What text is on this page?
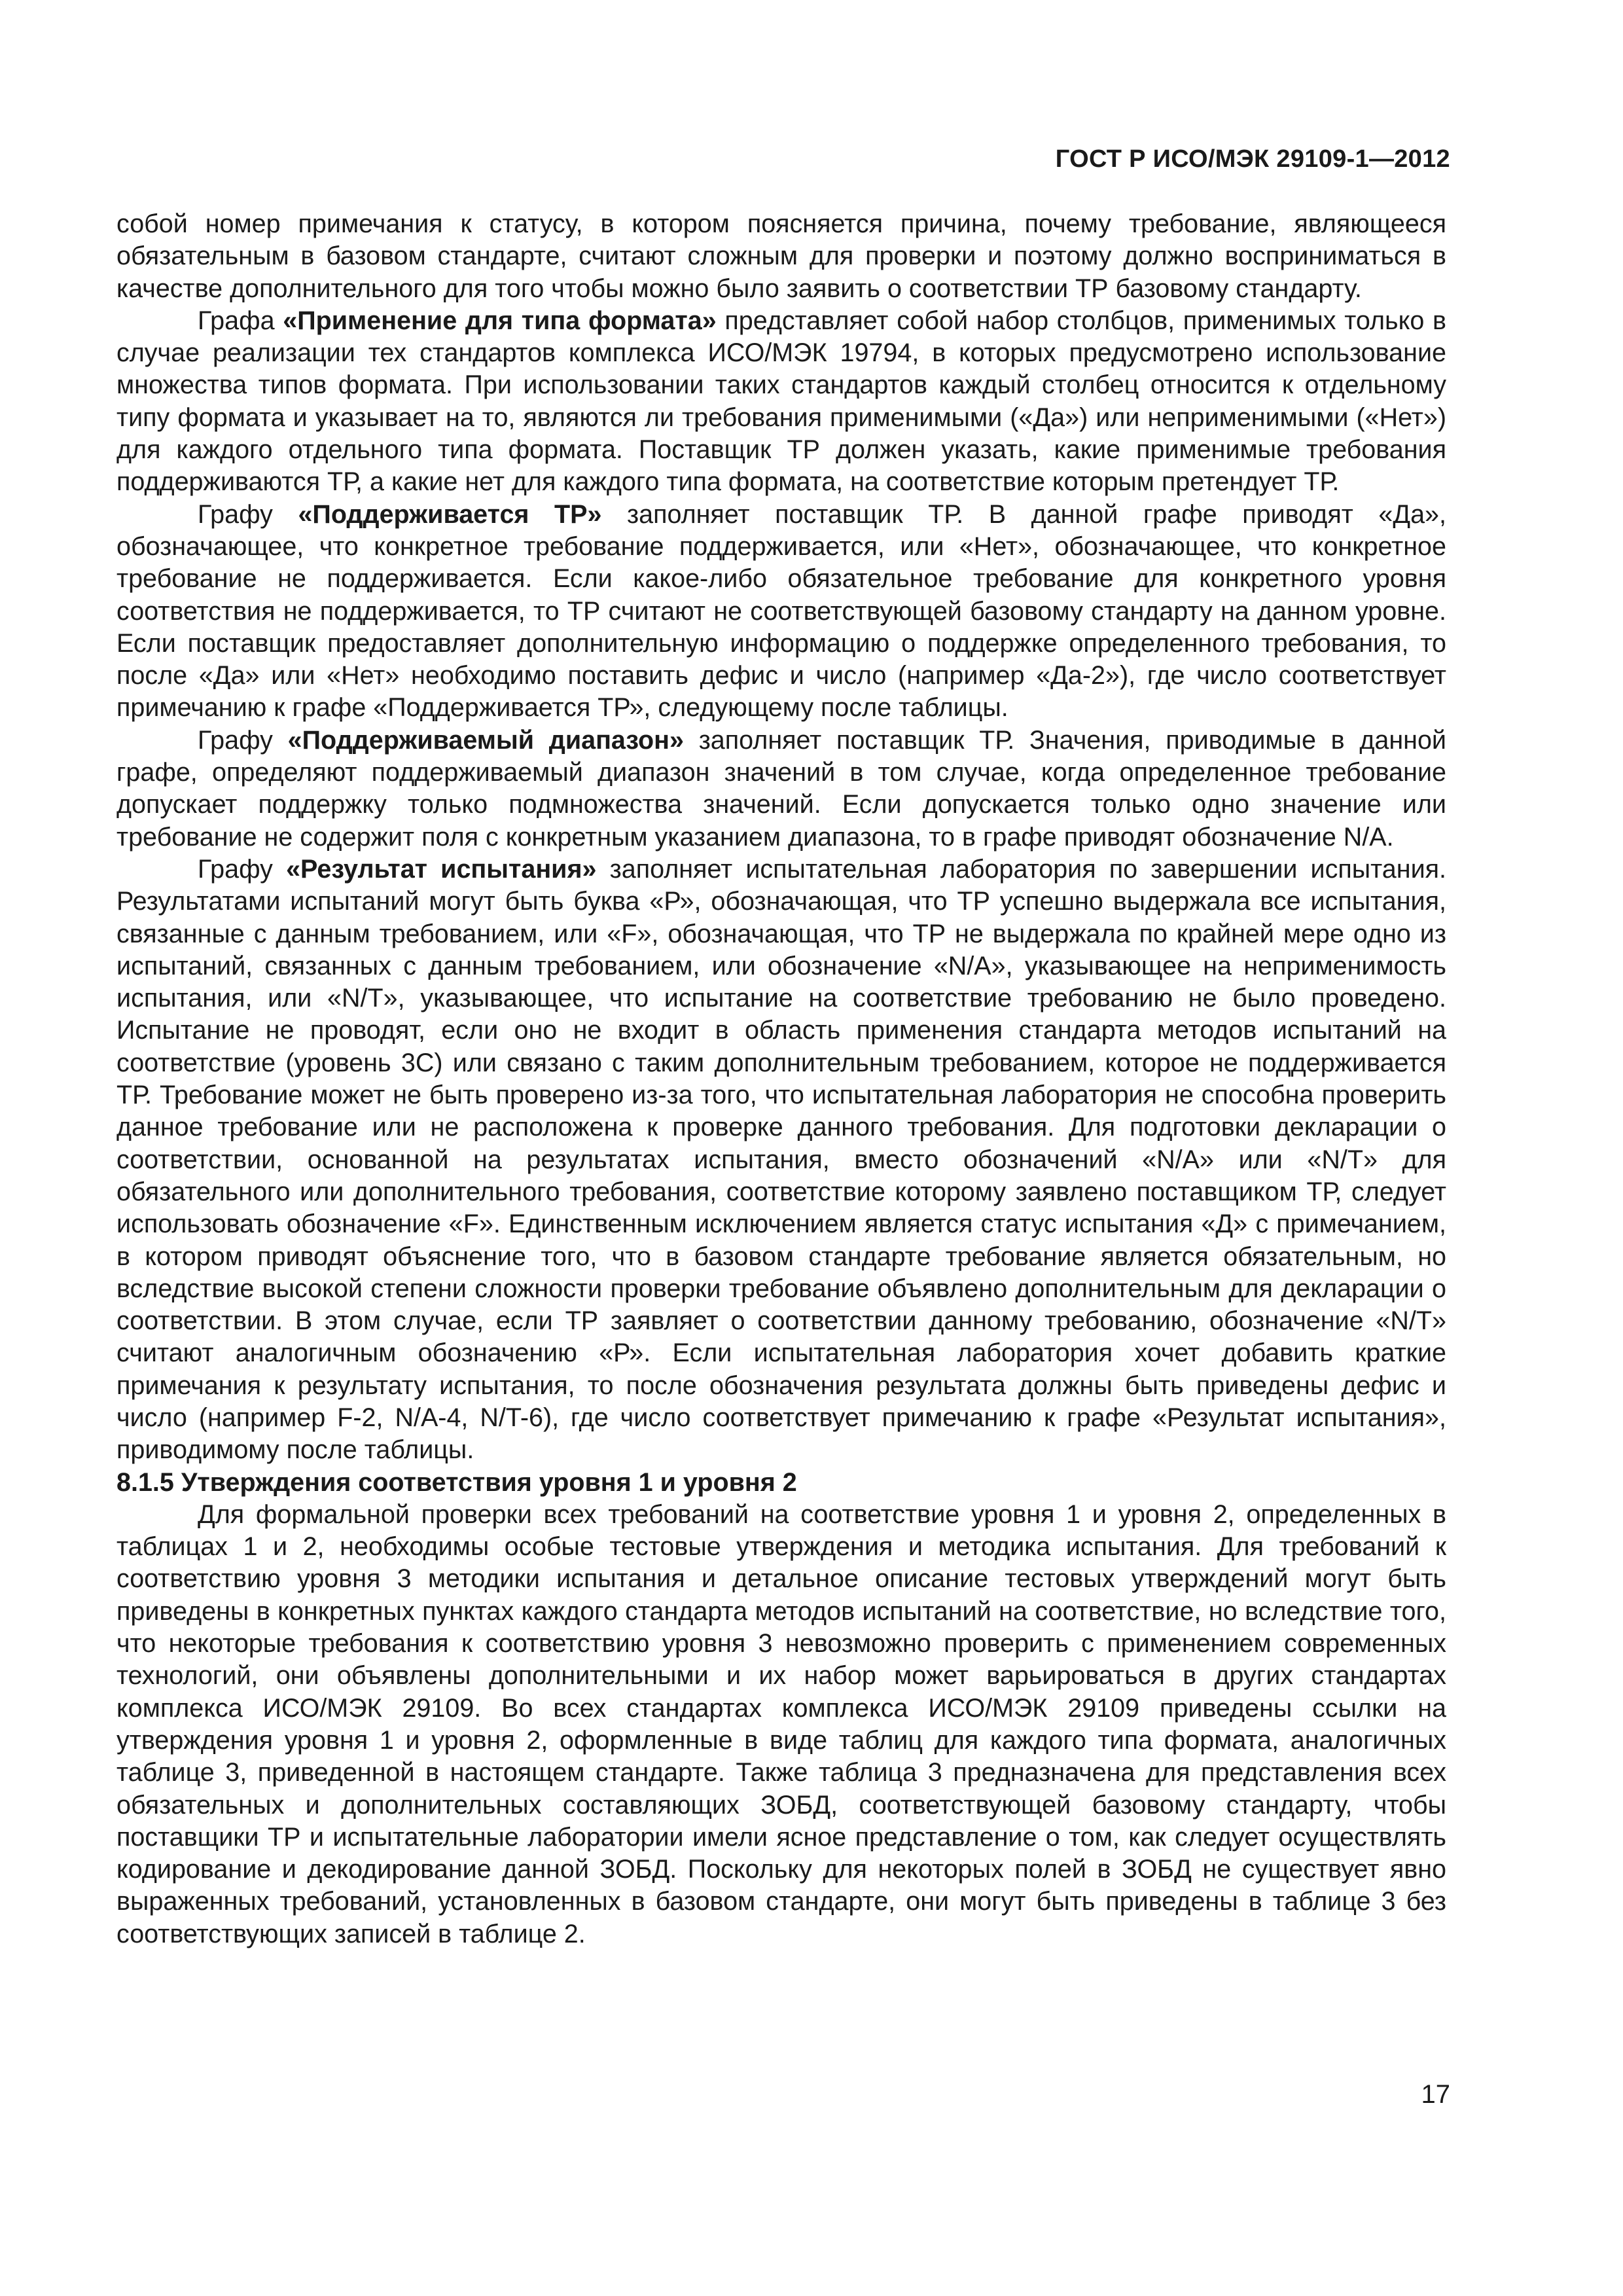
ГОСТ Р ИСО/МЭК 29109-1—2012

собой номер примечания к статусу, в котором поясняется причина, почему требование, являющееся обязательным в базовом стандарте, считают сложным для проверки и поэтому должно восприниматься в качестве дополнительного для того чтобы можно было заявить о соответствии ТР базовому стандарту.

Графа «Применение для типа формата» представляет собой набор столбцов, применимых только в случае реализации тех стандартов комплекса ИСО/МЭК 19794, в которых предусмотрено использование множества типов формата. При использовании таких стандартов каждый столбец относится к отдельному типу формата и указывает на то, являются ли требования применимыми («Да») или неприменимыми («Нет») для каждого отдельного типа формата. Поставщик ТР должен указать, какие применимые требования поддерживаются ТР, а какие нет для каждого типа формата, на соответствие которым претендует ТР.

Графу «Поддерживается ТР» заполняет поставщик ТР. В данной графе приводят «Да», обозначающее, что конкретное требование поддерживается, или «Нет», обозначающее, что конкретное требование не поддерживается. Если какое-либо обязательное требование для конкретного уровня соответствия не поддерживается, то ТР считают не соответствующей базовому стандарту на данном уровне. Если поставщик предоставляет дополнительную информацию о поддержке определенного требования, то после «Да» или «Нет» необходимо поставить дефис и число (например «Да-2»), где число соответствует примечанию к графе «Поддерживается ТР», следующему после таблицы.

Графу «Поддерживаемый диапазон» заполняет поставщик ТР. Значения, приводимые в данной графе, определяют поддерживаемый диапазон значений в том случае, когда определенное требование допускает поддержку только подмножества значений. Если допускается только одно значение или требование не содержит поля с конкретным указанием диапазона, то в графе приводят обозначение N/A.

Графу «Результат испытания» заполняет испытательная лаборатория по завершении испытания. Результатами испытаний могут быть буква «Р», обозначающая, что ТР успешно выдержала все испытания, связанные с данным требованием, или «F», обозначающая, что ТР не выдержала по крайней мере одно из испытаний, связанных с данным требованием, или обозначение «N/A», указывающее на неприменимость испытания, или «N/T», указывающее, что испытание на соответствие требованию не было проведено. Испытание не проводят, если оно не входит в область применения стандарта методов испытаний на соответствие (уровень 3С) или связано с таким дополнительным требованием, которое не поддерживается ТР. Требование может не быть проверено из-за того, что испытательная лаборатория не способна проверить данное требование или не расположена к проверке данного требования. Для подготовки декларации о соответствии, основанной на результатах испытания, вместо обозначений «N/A» или «N/T» для обязательного или дополнительного требования, соответствие которому заявлено поставщиком ТР, следует использовать обозначение «F». Единственным исключением является статус испытания «Д» с примечанием, в котором приводят объяснение того, что в базовом стандарте требование является обязательным, но вследствие высокой степени сложности проверки требование объявлено дополнительным для декларации о соответствии. В этом случае, если ТР заявляет о соответствии данному требованию, обозначение «N/T» считают аналогичным обозначению «Р». Если испытательная лаборатория хочет добавить краткие примечания к результату испытания, то после обозначения результата должны быть приведены дефис и число (например F-2, N/A-4, N/T-6), где число соответствует примечанию к графе «Результат испытания», приводимому после таблицы.

8.1.5 Утверждения соответствия уровня 1 и уровня 2

Для формальной проверки всех требований на соответствие уровня 1 и уровня 2, определенных в таблицах 1 и 2, необходимы особые тестовые утверждения и методика испытания. Для требований к соответствию уровня 3 методики испытания и детальное описание тестовых утверждений могут быть приведены в конкретных пунктах каждого стандарта методов испытаний на соответствие, но вследствие того, что некоторые требования к соответствию уровня 3 невозможно проверить с применением современных технологий, они объявлены дополнительными и их набор может варьироваться в других стандартах комплекса ИСО/МЭК 29109. Во всех стандартах комплекса ИСО/МЭК 29109 приведены ссылки на утверждения уровня 1 и уровня 2, оформленные в виде таблиц для каждого типа формата, аналогичных таблице 3, приведенной в настоящем стандарте. Также таблица 3 предназначена для представления всех обязательных и дополнительных составляющих ЗОБД, соответствующей базовому стандарту, чтобы поставщики ТР и испытательные лаборатории имели ясное представление о том, как следует осуществлять кодирование и декодирование данной ЗОБД. Поскольку для некоторых полей в ЗОБД не существует явно выраженных требований, установленных в базовом стандарте, они могут быть приведены в таблице 3 без соответствующих записей в таблице 2.

17
